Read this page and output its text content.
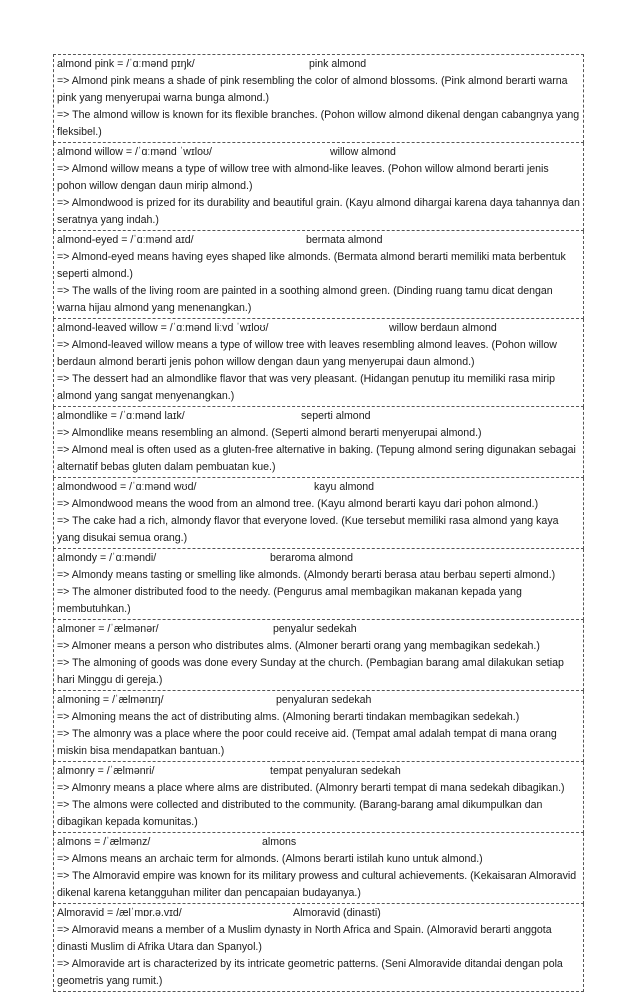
almond pink = /ˈɑːmənd pɪŋk/	pink almond
=> Almond pink means a shade of pink resembling the color of almond blossoms. (Pink almond berarti warna pink yang menyerupai warna bunga almond.)
=> The almond willow is known for its flexible branches. (Pohon willow almond dikenal dengan cabangnya yang fleksibel.)
almond willow = /ˈɑːmənd ˈwɪloʊ/	willow almond
=> Almond willow means a type of willow tree with almond-like leaves. (Pohon willow almond berarti jenis pohon willow dengan daun mirip almond.)
=> Almondwood is prized for its durability and beautiful grain. (Kayu almond dihargai karena daya tahannya dan seratnya yang indah.)
almond-eyed = /ˈɑːmənd aɪd/	bermata almond
=> Almond-eyed means having eyes shaped like almonds. (Bermata almond berarti memiliki mata berbentuk seperti almond.)
=> The walls of the living room are painted in a soothing almond green. (Dinding ruang tamu dicat dengan warna hijau almond yang menenangkan.)
almond-leaved willow = /ˈɑːmənd liːvd ˈwɪloʊ/	willow berdaun almond
=> Almond-leaved willow means a type of willow tree with leaves resembling almond leaves. (Pohon willow berdaun almond berarti jenis pohon willow dengan daun yang menyerupai daun almond.)
=> The dessert had an almondlike flavor that was very pleasant. (Hidangan penutup itu memiliki rasa mirip almond yang sangat menyenangkan.)
almondlike = /ˈɑːmənd laɪk/	seperti almond
=> Almondlike means resembling an almond. (Seperti almond berarti menyerupai almond.)
=> Almond meal is often used as a gluten-free alternative in baking. (Tepung almond sering digunakan sebagai alternatif bebas gluten dalam pembuatan kue.)
almondwood = /ˈɑːmənd wʊd/	kayu almond
=> Almondwood means the wood from an almond tree. (Kayu almond berarti kayu dari pohon almond.)
=> The cake had a rich, almondy flavor that everyone loved. (Kue tersebut memiliki rasa almond yang kaya yang disukai semua orang.)
almondy = /ˈɑːməndi/	beraroma almond
=> Almondy means tasting or smelling like almonds. (Almondy berarti berasa atau berbau seperti almond.)
=> The almoner distributed food to the needy. (Pengurus amal membagikan makanan kepada yang membutuhkan.)
almoner = /ˈælmənər/	penyalur sedekah
=> Almoner means a person who distributes alms. (Almoner berarti orang yang membagikan sedekah.)
=> The almoning of goods was done every Sunday at the church. (Pembagian barang amal dilakukan setiap hari Minggu di gereja.)
almoning = /ˈælmənɪŋ/	penyaluran sedekah
=> Almoning means the act of distributing alms. (Almoning berarti tindakan membagikan sedekah.)
=> The almonry was a place where the poor could receive aid. (Tempat amal adalah tempat di mana orang miskin bisa mendapatkan bantuan.)
almonry = /ˈælmənri/	tempat penyaluran sedekah
=> Almonry means a place where alms are distributed. (Almonry berarti tempat di mana sedekah dibagikan.)
=> The almons were collected and distributed to the community. (Barang-barang amal dikumpulkan dan dibagikan kepada komunitas.)
almons = /ˈælmənz/	almons
=> Almons means an archaic term for almonds. (Almons berarti istilah kuno untuk almond.)
=> The Almoravid empire was known for its military prowess and cultural achievements. (Kekaisaran Almoravid dikenal karena ketangguhan militer dan pencapaian budayanya.)
Almoravid = /ælˈmɒr.ə.vɪd/	Almoravid (dinasti)
=> Almoravid means a member of a Muslim dynasty in North Africa and Spain. (Almoravid berarti anggota dinasti Muslim di Afrika Utara dan Spanyol.)
=> Almoravide art is characterized by its intricate geometric patterns. (Seni Almoravide ditandai dengan pola geometris yang rumit.)
